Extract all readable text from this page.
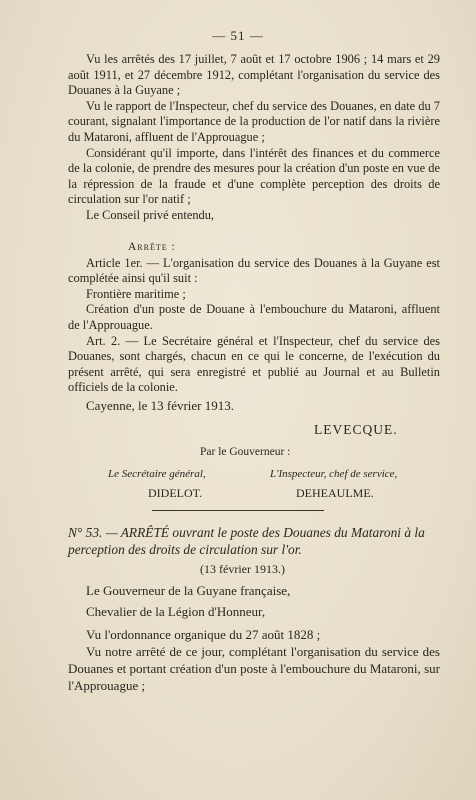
— 51 —

Vu les arrêtés des 17 juillet, 7 août et 17 octobre 1906 ; 14 mars et 29 août 1911, et 27 décembre 1912, complétant l'organisation du service des Douanes à la Guyane ;

Vu le rapport de l'Inspecteur, chef du service des Douanes, en date du 7 courant, signalant l'importance de la production de l'or natif dans la rivière du Mataroni, affluent de l'Approuague ;

Considérant qu'il importe, dans l'intérêt des finances et du commerce de la colonie, de prendre des mesures pour la création d'un poste en vue de la répression de la fraude et d'une complète perception des droits de circulation sur l'or natif ;

Le Conseil privé entendu,

Arrête :

Article 1er. — L'organisation du service des Douanes à la Guyane est complétée ainsi qu'il suit :

Frontière maritime ;

Création d'un poste de Douane à l'embouchure du Mataroni, affluent de l'Approuague.

Art. 2. — Le Secrétaire général et l'Inspecteur, chef du service des Douanes, sont chargés, chacun en ce qui le concerne, de l'exécution du présent arrêté, qui sera enregistré et publié au Journal et au Bulletin officiels de la colonie.

Cayenne, le 13 février 1913.

LEVECQUE.
Par le Gouverneur :
Le Secrétaire général,
DIDELOT.
L'Inspecteur, chef de service,
DEHEAULME.

N° 53. — ARRÊTÉ ouvrant le poste des Douanes du Mataroni à la perception des droits de circulation sur l'or.

(13 février 1913.)

Le Gouverneur de la Guyane française,

Chevalier de la Légion d'Honneur,

Vu l'ordonnance organique du 27 août 1828 ;

Vu notre arrêté de ce jour, complétant l'organisation du service des Douanes et portant création d'un poste à l'embouchure du Mataroni, sur l'Approuague ;
